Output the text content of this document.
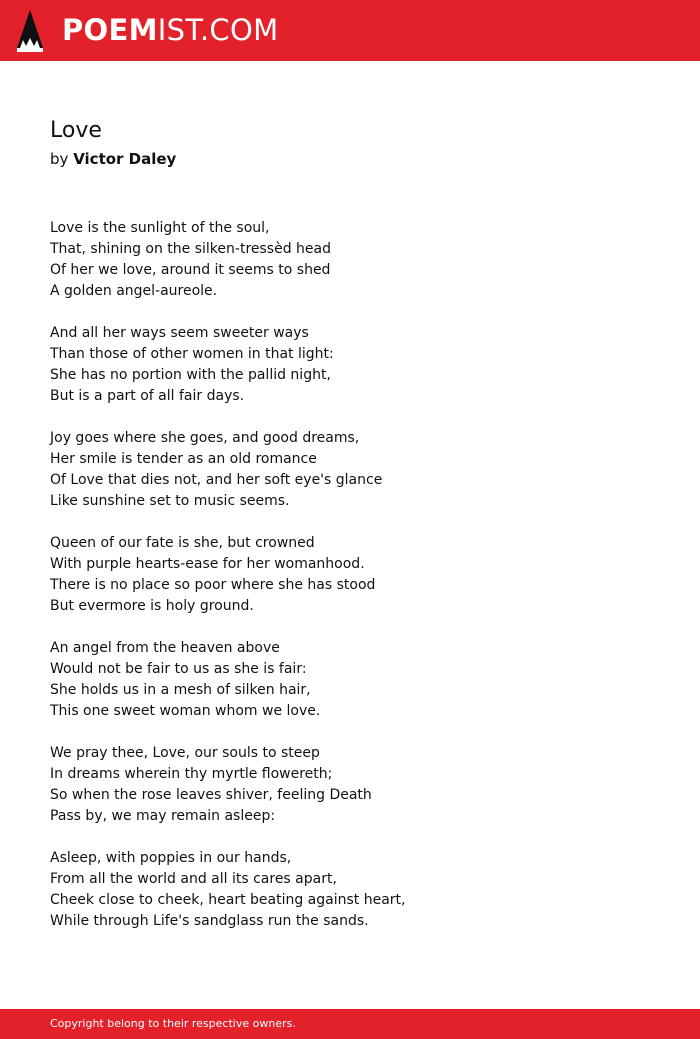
POEMIST.COM
Love
by Victor Daley
Love is the sunlight of the soul,
That, shining on the silken-tressèd head
Of her we love, around it seems to shed
A golden angel-aureole.
And all her ways seem sweeter ways
Than those of other women in that light:
She has no portion with the pallid night,
But is a part of all fair days.
Joy goes where she goes, and good dreams,
Her smile is tender as an old romance
Of Love that dies not, and her soft eye's glance
Like sunshine set to music seems.
Queen of our fate is she, but crowned
With purple hearts-ease for her womanhood.
There is no place so poor where she has stood
But evermore is holy ground.
An angel from the heaven above
Would not be fair to us as she is fair:
She holds us in a mesh of silken hair,
This one sweet woman whom we love.
We pray thee, Love, our souls to steep
In dreams wherein thy myrtle flowereth;
So when the rose leaves shiver, feeling Death
Pass by, we may remain asleep:
Asleep, with poppies in our hands,
From all the world and all its cares apart,
Cheek close to cheek, heart beating against heart,
While through Life's sandglass run the sands.
Copyright belong to their respective owners.
